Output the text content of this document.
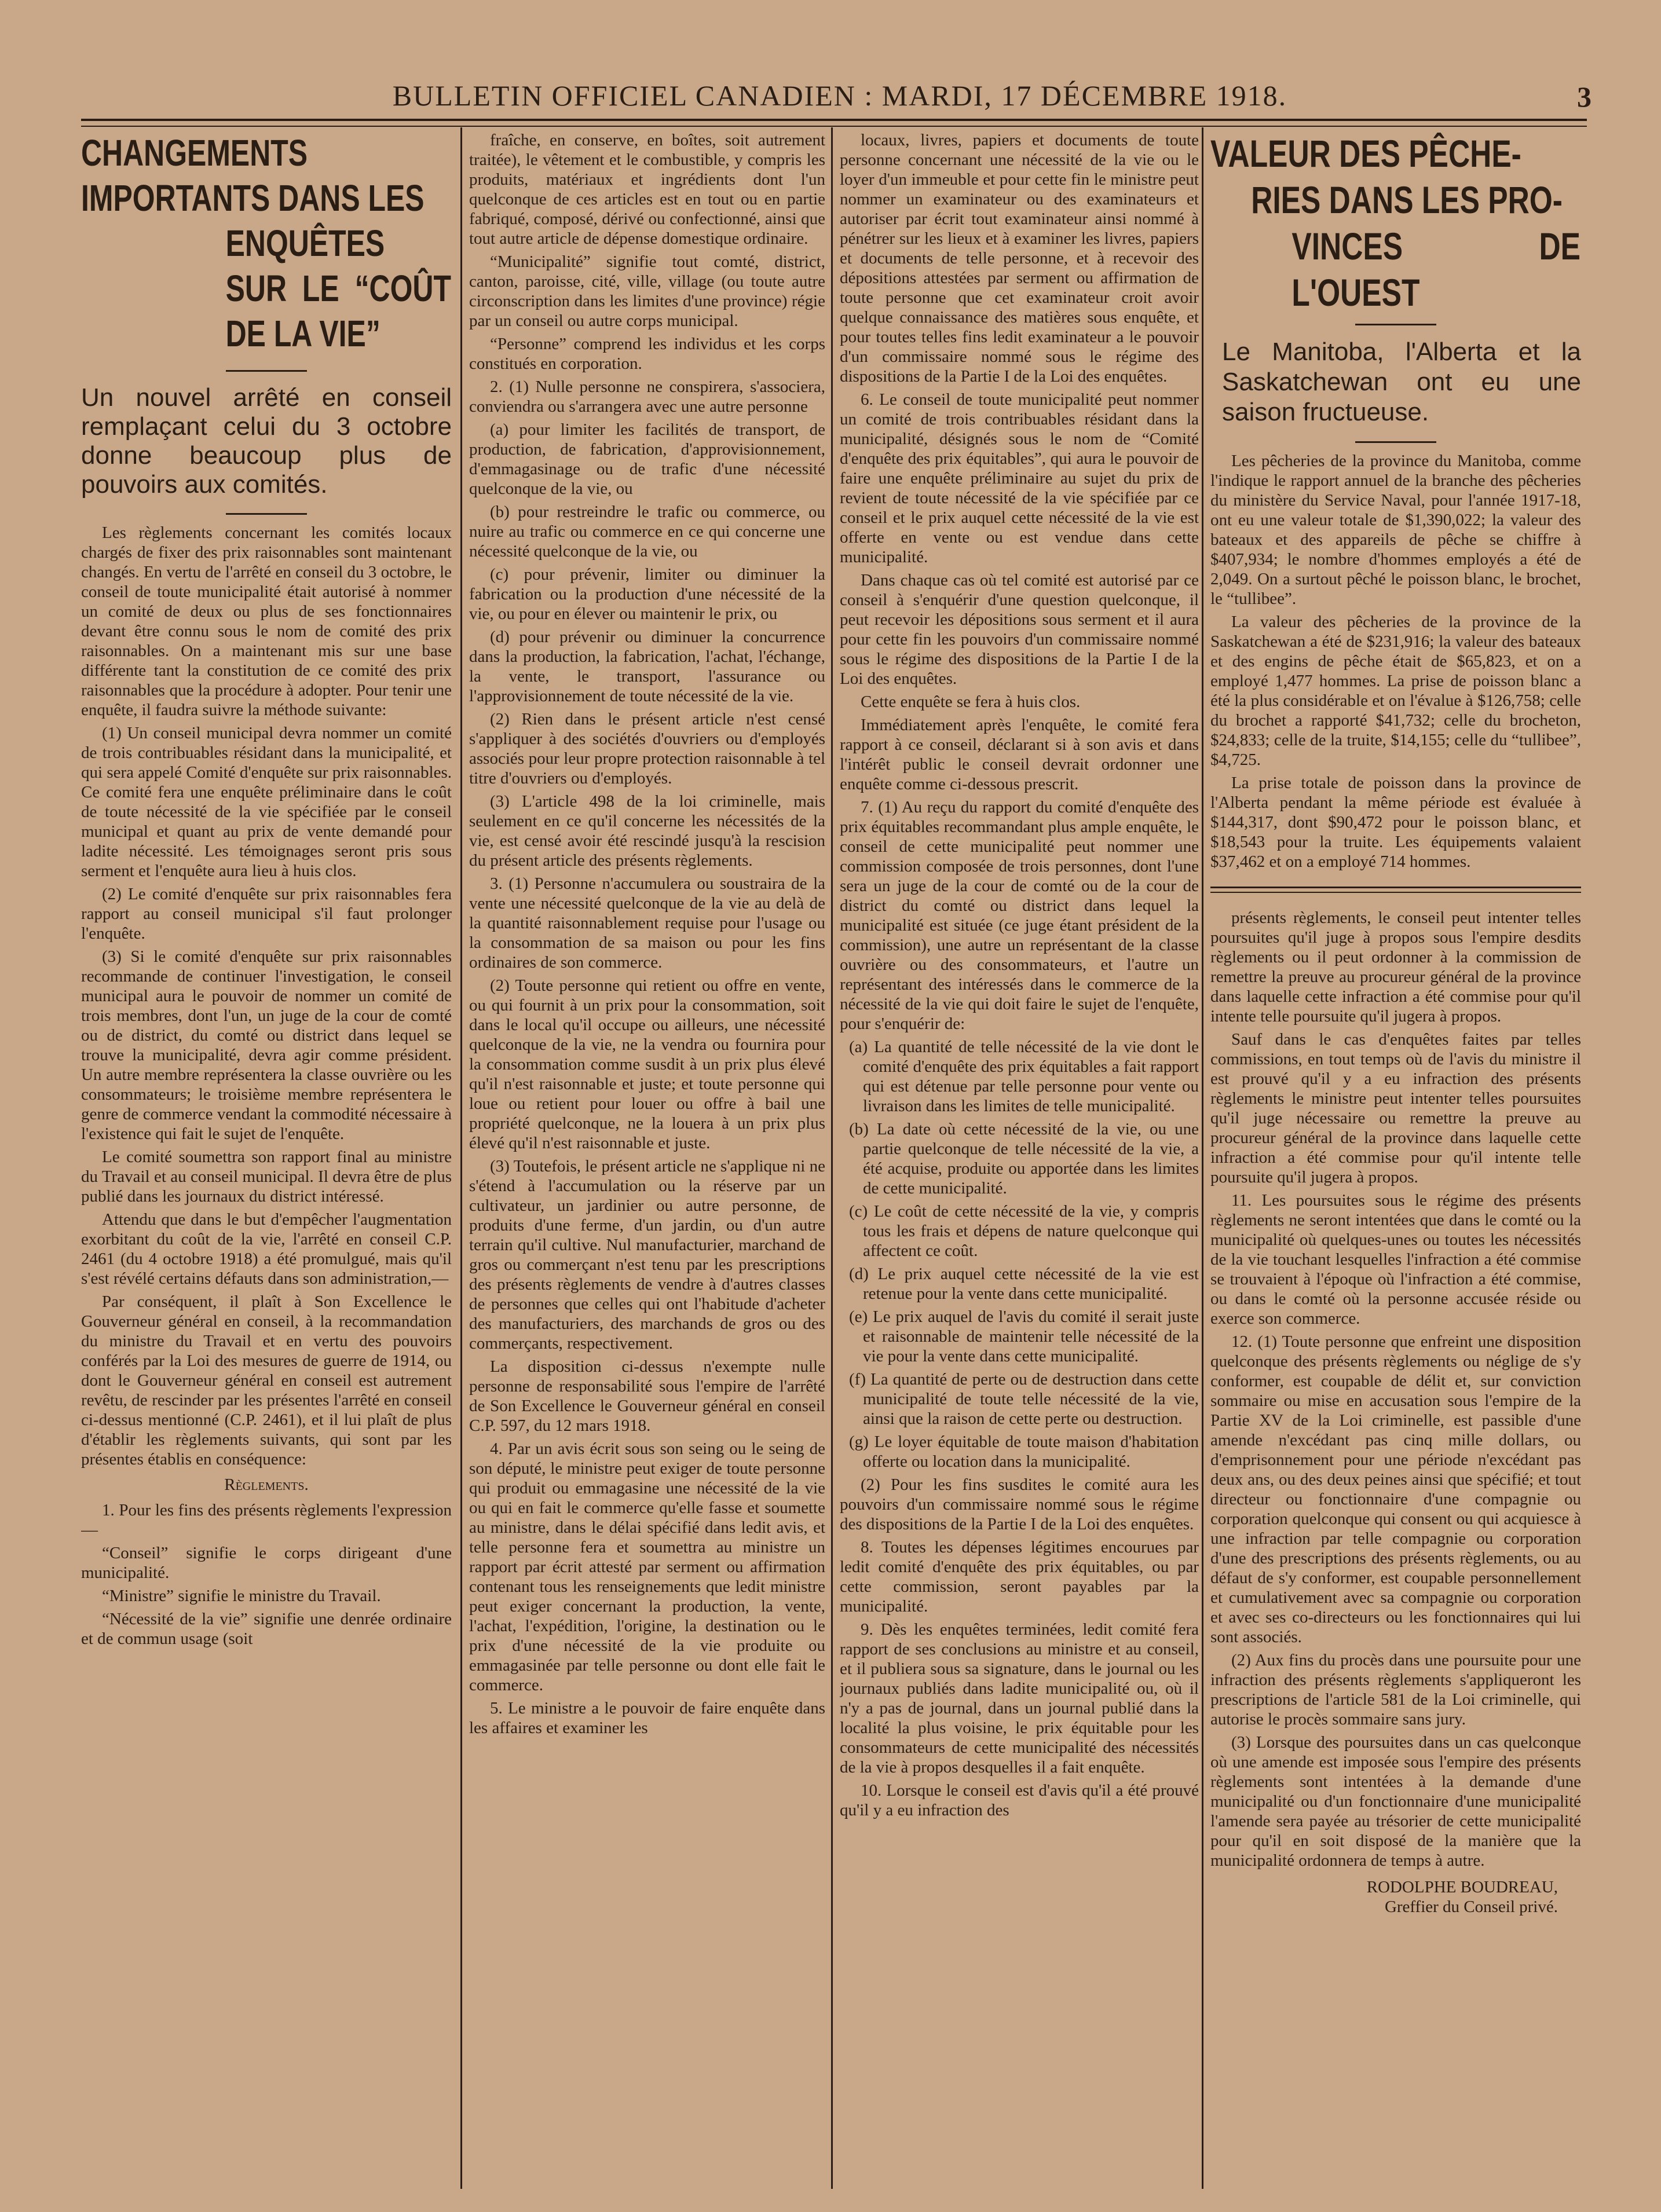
BULLETIN OFFICIEL CANADIEN : MARDI, 17 DÉCEMBRE 1918.	3
CHANGEMENTS IMPORTANTS DANS LES
ENQUÊTES SUR LE “COÛT DE LA VIE”
Un nouvel arrêté en conseil remplaçant celui du 3 octobre donne beaucoup plus de pouvoirs aux comités.

Les règlements concernant les comités locaux chargés de fixer des prix raisonnables sont maintenant changés. En vertu de l'arrêté en conseil du 3 octobre, le conseil de toute municipalité était autorisé à nommer un comité de deux ou plus de ses fonctionnaires devant être connu sous le nom de comité des prix raisonnables. On a maintenant mis sur une base différente tant la constitution de ce comité des prix raisonnables que la procédure à adopter. Pour tenir une enquête, il faudra suivre la méthode suivante:

(1) Un conseil municipal devra nommer un comité de trois contribuables résidant dans la municipalité, et qui sera appelé Comité d'enquête sur prix raisonnables. Ce comité fera une enquête préliminaire dans le coût de toute nécessité de la vie spécifiée par le conseil municipal et quant au prix de vente demandé pour ladite nécessité. Les témoignages seront pris sous serment et l'enquête aura lieu à huis clos.

(2) Le comité d'enquête sur prix raisonnables fera rapport au conseil municipal s'il faut prolonger l'enquête.

(3) Si le comité d'enquête sur prix raisonnables recommande de continuer l'investigation, le conseil municipal aura le pouvoir de nommer un comité de trois membres, dont l'un, un juge de la cour de comté ou de district, du comté ou district dans lequel se trouve la municipalité, devra agir comme président. Un autre membre représentera la classe ouvrière ou les consommateurs; le troisième membre représentera le genre de commerce vendant la commodité nécessaire à l'existence qui fait le sujet de l'enquête.

Le comité soumettra son rapport final au ministre du Travail et au conseil municipal. Il devra être de plus publié dans les journaux du district intéressé.

Attendu que dans le but d'empêcher l'augmentation exorbitant du coût de la vie, l'arrêté en conseil C.P. 2461 (du 4 octobre 1918) a été promulgué, mais qu'il s'est révélé certains défauts dans son administration,—

Par conséquent, il plaît à Son Excellence le Gouverneur général en conseil, à la recommandation du ministre du Travail et en vertu des pouvoirs conférés par la Loi des mesures de guerre de 1914, ou dont le Gouverneur général en conseil est autrement revêtu, de rescinder par les présentes l'arrêté en conseil ci-dessus mentionné (C.P. 2461), et il lui plaît de plus d'établir les règlements suivants, qui sont par les présentes établis en conséquence:

Règlements.

1. Pour les fins des présents règlements l'expression—

“Conseil” signifie le corps dirigeant d'une municipalité.

“Ministre” signifie le ministre du Travail.

“Nécessité de la vie” signifie une denrée ordinaire et de commun usage (soit

fraîche, en conserve, en boîtes, soit autrement traitée), le vêtement et le combustible, y compris les produits, matériaux et ingrédients dont l'un quelconque de ces articles est en tout ou en partie fabriqué, composé, dérivé ou confectionné, ainsi que tout autre article de dépense domestique ordinaire.

“Municipalité” signifie tout comté, district, canton, paroisse, cité, ville, village (ou toute autre circonscription dans les limites d'une province) régie par un conseil ou autre corps municipal.

“Personne” comprend les individus et les corps constitués en corporation.

2. (1) Nulle personne ne conspirera, s'associera, conviendra ou s'arrangera avec une autre personne

(a) pour limiter les facilités de transport, de production, de fabrication, d'approvisionnement, d'emmagasinage ou de trafic d'une nécessité quelconque de la vie, ou

(b) pour restreindre le trafic ou commerce, ou nuire au trafic ou commerce en ce qui concerne une nécessité quelconque de la vie, ou

(c) pour prévenir, limiter ou diminuer la fabrication ou la production d'une nécessité de la vie, ou pour en élever ou maintenir le prix, ou

(d) pour prévenir ou diminuer la concurrence dans la production, la fabrication, l'achat, l'échange, la vente, le transport, l'assurance ou l'approvisionnement de toute nécessité de la vie.

(2) Rien dans le présent article n'est censé s'appliquer à des sociétés d'ouvriers ou d'employés associés pour leur propre protection raisonnable à tel titre d'ouvriers ou d'employés.

(3) L'article 498 de la loi criminelle, mais seulement en ce qu'il concerne les nécessités de la vie, est censé avoir été rescindé jusqu'à la rescision du présent article des présents règlements.

3. (1) Personne n'accumulera ou soustraira de la vente une nécessité quelconque de la vie au delà de la quantité raisonnablement requise pour l'usage ou la consommation de sa maison ou pour les fins ordinaires de son commerce.

(2) Toute personne qui retient ou offre en vente, ou qui fournit à un prix pour la consommation, soit dans le local qu'il occupe ou ailleurs, une nécessité quelconque de la vie, ne la vendra ou fournira pour la consommation comme susdit à un prix plus élevé qu'il n'est raisonnable et juste; et toute personne qui loue ou retient pour louer ou offre à bail une propriété quelconque, ne la louera à un prix plus élevé qu'il n'est raisonnable et juste.

(3) Toutefois, le présent article ne s'applique ni ne s'étend à l'accumulation ou la réserve par un cultivateur, un jardinier ou autre personne, de produits d'une ferme, d'un jardin, ou d'un autre terrain qu'il cultive. Nul manufacturier, marchand de gros ou commerçant n'est tenu par les prescriptions des présents règlements de vendre à d'autres classes de personnes que celles qui ont l'habitude d'acheter des manufacturiers, des marchands de gros ou des commerçants, respectivement.

La disposition ci-dessus n'exempte nulle personne de responsabilité sous l'empire de l'arrêté de Son Excellence le Gouverneur général en conseil C.P. 597, du 12 mars 1918.

4. Par un avis écrit sous son seing ou le seing de son député, le ministre peut exiger de toute personne qui produit ou emmagasine une nécessité de la vie ou qui en fait le commerce qu'elle fasse et soumette au ministre, dans le délai spécifié dans ledit avis, et telle personne fera et soumettra au ministre un rapport par écrit attesté par serment ou affirmation contenant tous les renseignements que ledit ministre peut exiger concernant la production, la vente, l'achat, l'expédition, l'origine, la destination ou le prix d'une nécessité de la vie produite ou emmagasinée par telle personne ou dont elle fait le commerce.

5. Le ministre a le pouvoir de faire enquête dans les affaires et examiner les

locaux, livres, papiers et documents de toute personne concernant une nécessité de la vie ou le loyer d'un immeuble et pour cette fin le ministre peut nommer un examinateur ou des examinateurs et autoriser par écrit tout examinateur ainsi nommé à pénétrer sur les lieux et à examiner les livres, papiers et documents de telle personne, et à recevoir des dépositions attestées par serment ou affirmation de toute personne que cet examinateur croit avoir quelque connaissance des matières sous enquête, et pour toutes telles fins ledit examinateur a le pouvoir d'un commissaire nommé sous le régime des dispositions de la Partie I de la Loi des enquêtes.

6. Le conseil de toute municipalité peut nommer un comité de trois contribuables résidant dans la municipalité, désignés sous le nom de “Comité d'enquête des prix équitables”, qui aura le pouvoir de faire une enquête préliminaire au sujet du prix de revient de toute nécessité de la vie spécifiée par ce conseil et le prix auquel cette nécessité de la vie est offerte en vente ou est vendue dans cette municipalité.

Dans chaque cas où tel comité est autorisé par ce conseil à s'enquérir d'une question quelconque, il peut recevoir les dépositions sous serment et il aura pour cette fin les pouvoirs d'un commissaire nommé sous le régime des dispositions de la Partie I de la Loi des enquêtes.

Cette enquête se fera à huis clos.

Immédiatement après l'enquête, le comité fera rapport à ce conseil, déclarant si à son avis et dans l'intérêt public le conseil devrait ordonner une enquête comme ci-dessous prescrit.

7. (1) Au reçu du rapport du comité d'enquête des prix équitables recommandant plus ample enquête, le conseil de cette municipalité peut nommer une commission composée de trois personnes, dont l'une sera un juge de la cour de comté ou de la cour de district du comté ou district dans lequel la municipalité est située (ce juge étant président de la commission), une autre un représentant de la classe ouvrière ou des consommateurs, et l'autre un représentant des intéressés dans le commerce de la nécessité de la vie qui doit faire le sujet de l'enquête, pour s'enquérir de:

(a) La quantité de telle nécessité de la vie dont le comité d'enquête des prix équitables a fait rapport qui est détenue par telle personne pour vente ou livraison dans les limites de telle municipalité.

(b) La date où cette nécessité de la vie, ou une partie quelconque de telle nécessité de la vie, a été acquise, produite ou apportée dans les limites de cette municipalité.

(c) Le coût de cette nécessité de la vie, y compris tous les frais et dépens de nature quelconque qui affectent ce coût.

(d) Le prix auquel cette nécessité de la vie est retenue pour la vente dans cette municipalité.

(e) Le prix auquel de l'avis du comité il serait juste et raisonnable de maintenir telle nécessité de la vie pour la vente dans cette municipalité.

(f) La quantité de perte ou de destruction dans cette municipalité de toute telle nécessité de la vie, ainsi que la raison de cette perte ou destruction.

(g) Le loyer équitable de toute maison d'habitation offerte ou location dans la municipalité.

(2) Pour les fins susdites le comité aura les pouvoirs d'un commissaire nommé sous le régime des dispositions de la Partie I de la Loi des enquêtes.

8. Toutes les dépenses légitimes encourues par ledit comité d'enquête des prix équitables, ou par cette commission, seront payables par la municipalité.

9. Dès les enquêtes terminées, ledit comité fera rapport de ses conclusions au ministre et au conseil, et il publiera sous sa signature, dans le journal ou les journaux publiés dans ladite municipalité ou, où il n'y a pas de journal, dans un journal publié dans la localité la plus voisine, le prix équitable pour les consommateurs de cette municipalité des nécessités de la vie à propos desquelles il a fait enquête.

10. Lorsque le conseil est d'avis qu'il a été prouvé qu'il y a eu infraction des

VALEUR DES PÊCHE-
RIES DANS LES PRO-
VINCES DE L'OUEST
Le Manitoba, l'Alberta et la Saskatchewan ont eu une saison fructueuse.

Les pêcheries de la province du Manitoba, comme l'indique le rapport annuel de la branche des pêcheries du ministère du Service Naval, pour l'année 1917-18, ont eu une valeur totale de $1,390,022; la valeur des bateaux et des appareils de pêche se chiffre à $407,934; le nombre d'hommes employés a été de 2,049. On a surtout pêché le poisson blanc, le brochet, le “tullibee”.

La valeur des pêcheries de la province de la Saskatchewan a été de $231,916; la valeur des bateaux et des engins de pêche était de $65,823, et on a employé 1,477 hommes. La prise de poisson blanc a été la plus considérable et on l'évalue à $126,758; celle du brochet a rapporté $41,732; celle du brocheton, $24,833; celle de la truite, $14,155; celle du “tullibee”, $4,725.

La prise totale de poisson dans la province de l'Alberta pendant la même période est évaluée à $144,317, dont $90,472 pour le poisson blanc, et $18,543 pour la truite. Les équipements valaient $37,462 et on a employé 714 hommes.

présents règlements, le conseil peut intenter telles poursuites qu'il juge à propos sous l'empire desdits règlements ou il peut ordonner à la commission de remettre la preuve au procureur général de la province dans laquelle cette infraction a été commise pour qu'il intente telle poursuite qu'il jugera à propos.

Sauf dans le cas d'enquêtes faites par telles commissions, en tout temps où de l'avis du ministre il est prouvé qu'il y a eu infraction des présents règlements le ministre peut intenter telles poursuites qu'il juge nécessaire ou remettre la preuve au procureur général de la province dans laquelle cette infraction a été commise pour qu'il intente telle poursuite qu'il jugera à propos.

11. Les poursuites sous le régime des présents règlements ne seront intentées que dans le comté ou la municipalité où quelques-unes ou toutes les nécessités de la vie touchant lesquelles l'infraction a été commise se trouvaient à l'époque où l'infraction a été commise, ou dans le comté où la personne accusée réside ou exerce son commerce.

12. (1) Toute personne que enfreint une disposition quelconque des présents règlements ou néglige de s'y conformer, est coupable de délit et, sur conviction sommaire ou mise en accusation sous l'empire de la Partie XV de la Loi criminelle, est passible d'une amende n'excédant pas cinq mille dollars, ou d'emprisonnement pour une période n'excédant pas deux ans, ou des deux peines ainsi que spécifié; et tout directeur ou fonctionnaire d'une compagnie ou corporation quelconque qui consent ou qui acquiesce à une infraction par telle compagnie ou corporation d'une des prescriptions des présents règlements, ou au défaut de s'y conformer, est coupable personnellement et cumulativement avec sa compagnie ou corporation et avec ses co-directeurs ou les fonctionnaires qui lui sont associés.

(2) Aux fins du procès dans une poursuite pour une infraction des présents règlements s'appliqueront les prescriptions de l'article 581 de la Loi criminelle, qui autorise le procès sommaire sans jury.

(3) Lorsque des poursuites dans un cas quelconque où une amende est imposée sous l'empire des présents règlements sont intentées à la demande d'une municipalité ou d'un fonctionnaire d'une municipalité l'amende sera payée au trésorier de cette municipalité pour qu'il en soit disposé de la manière que la municipalité ordonnera de temps à autre.

RODOLPHE BOUDREAU,
Greffier du Conseil privé.
